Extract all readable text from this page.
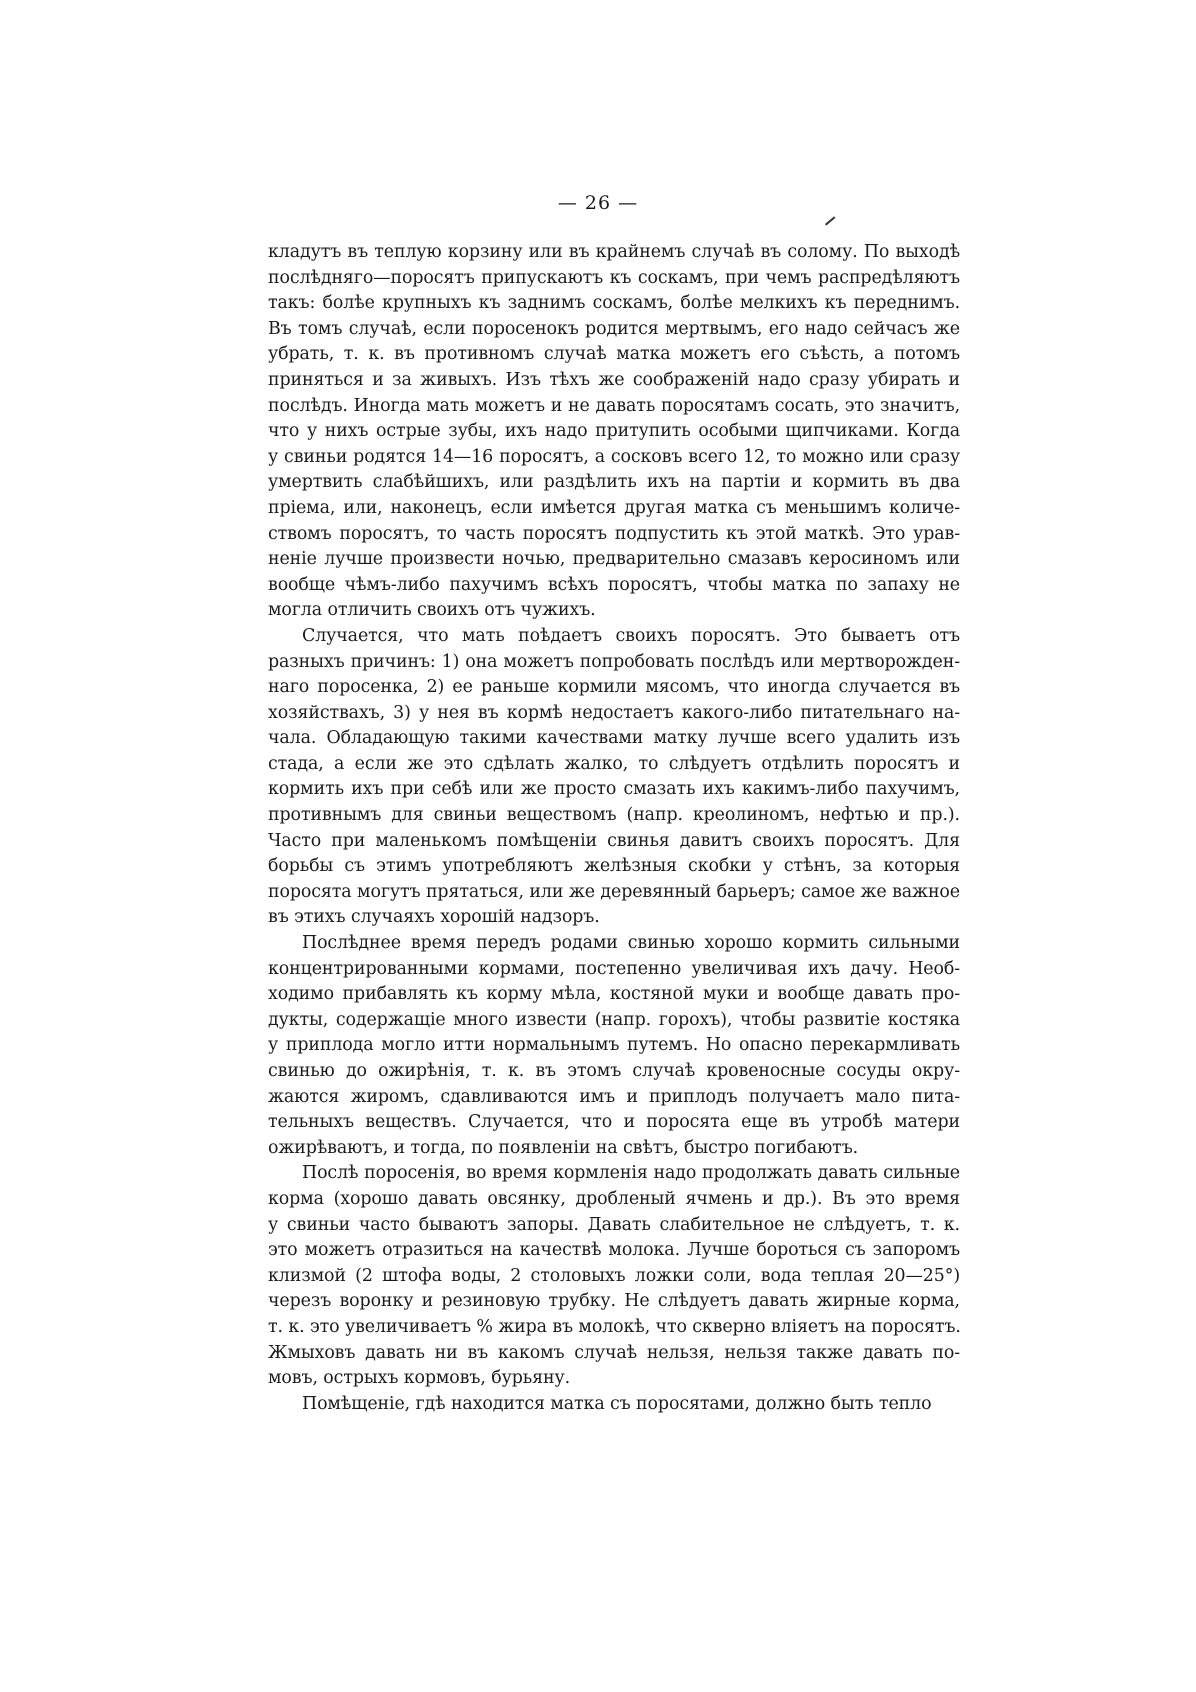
— 26 —
кладутъ въ теплую корзину или въ крайнемъ случаѣ въ солому. По выходѣ
послѣдняго—поросятъ припускаютъ къ соскамъ, при чемъ распредѣляютъ
такъ: болѣе крупныхъ къ заднимъ соскамъ, болѣе мелкихъ къ переднимъ.
Въ томъ случаѣ, если поросенокъ родится мертвымъ, его надо сейчасъ же
убрать, т. к. въ противномъ случаѣ матка можетъ его съѣсть, а потомъ
приняться и за живыхъ. Изъ тѣхъ же соображенiй надо сразу убирать и
послѣдъ. Иногда мать можетъ и не давать поросятамъ сосать, это значитъ,
что у нихъ острые зубы, ихъ надо притупить особыми щипчиками. Когда
у свиньи родятся 14—16 поросятъ, а сосковъ всего 12, то можно или сразу
умертвить слабѣйшихъ, или раздѣлить ихъ на партiи и кормить въ два
прiема, или, наконецъ, если имѣется другая матка съ меньшимъ количе-
ствомъ поросятъ, то часть поросятъ подпустить къ этой маткѣ. Это урав-
ненiе лучше произвести ночью, предварительно смазавъ керосиномъ или
вообще чѣмъ-либо пахучимъ всѣхъ поросятъ, чтобы матка по запаху не
могла отличить своихъ отъ чужихъ.
Случается, что мать поѣдаетъ своихъ поросятъ. Это бываетъ отъ
разныхъ причинъ: 1) она можетъ попробовать послѣдъ или мертворожден-
наго поросенка, 2) ее раньше кормили мясомъ, что иногда случается въ
хозяйствахъ, 3) у нея въ кормѣ недостаетъ какого-либо питательнаго на-
чала. Обладающую такими качествами матку лучше всего удалить изъ
стада, а если же это сдѣлать жалко, то слѣдуетъ отдѣлить поросятъ и
кормить ихъ при себѣ или же просто смазать ихъ какимъ-либо пахучимъ,
противнымъ для свиньи веществомъ (напр. креолиномъ, нефтью и пр.).
Часто при маленькомъ помѣщенiи свинья давитъ своихъ поросятъ. Для
борьбы съ этимъ употребляютъ желѣзныя скобки у стѣнъ, за которыя
поросята могутъ прятаться, или же деревянный барьеръ; самое же важное
въ этихъ случаяхъ хорошiй надзоръ.
Послѣднее время передъ родами свинью хорошо кормить сильными
концентрированными кормами, постепенно увеличивая ихъ дачу. Необ-
ходимо прибавлять къ корму мѣла, костяной муки и вообще давать про-
дукты, содержащiе много извести (напр. горохъ), чтобы развитiе костяка
у приплода могло итти нормальнымъ путемъ. Но опасно перекармливать
свинью до ожирѣнiя, т. к. въ этомъ случаѣ кровеносные сосуды окру-
жаются жиромъ, сдавливаются имъ и приплодъ получаетъ мало пита-
тельныхъ веществъ. Случается, что и поросята еще въ утробѣ матери
ожирѣваютъ, и тогда, по появленiи на свѣтъ, быстро погибаютъ.
Послѣ поросенiя, во время кормленiя надо продолжать давать сильные
корма (хорошо давать овсянку, дробленый ячмень и др.). Въ это время
у свиньи часто бываютъ запоры. Давать слабительное не слѣдуетъ, т. к.
это можетъ отразиться на качествѣ молока. Лучше бороться съ запоромъ
клизмой (2 штофа воды, 2 столовыхъ ложки соли, вода теплая 20—25°)
черезъ воронку и резиновую трубку. Не слѣдуетъ давать жирные корма,
т. к. это увеличиваетъ % жира въ молокѣ, что скверно влiяетъ на поросятъ.
Жмыховъ давать ни въ какомъ случаѣ нельзя, нельзя также давать по-
мовъ, острыхъ кормовъ, бурьяну.
Помѣщенiе, гдѣ находится матка съ поросятами, должно быть тепло
